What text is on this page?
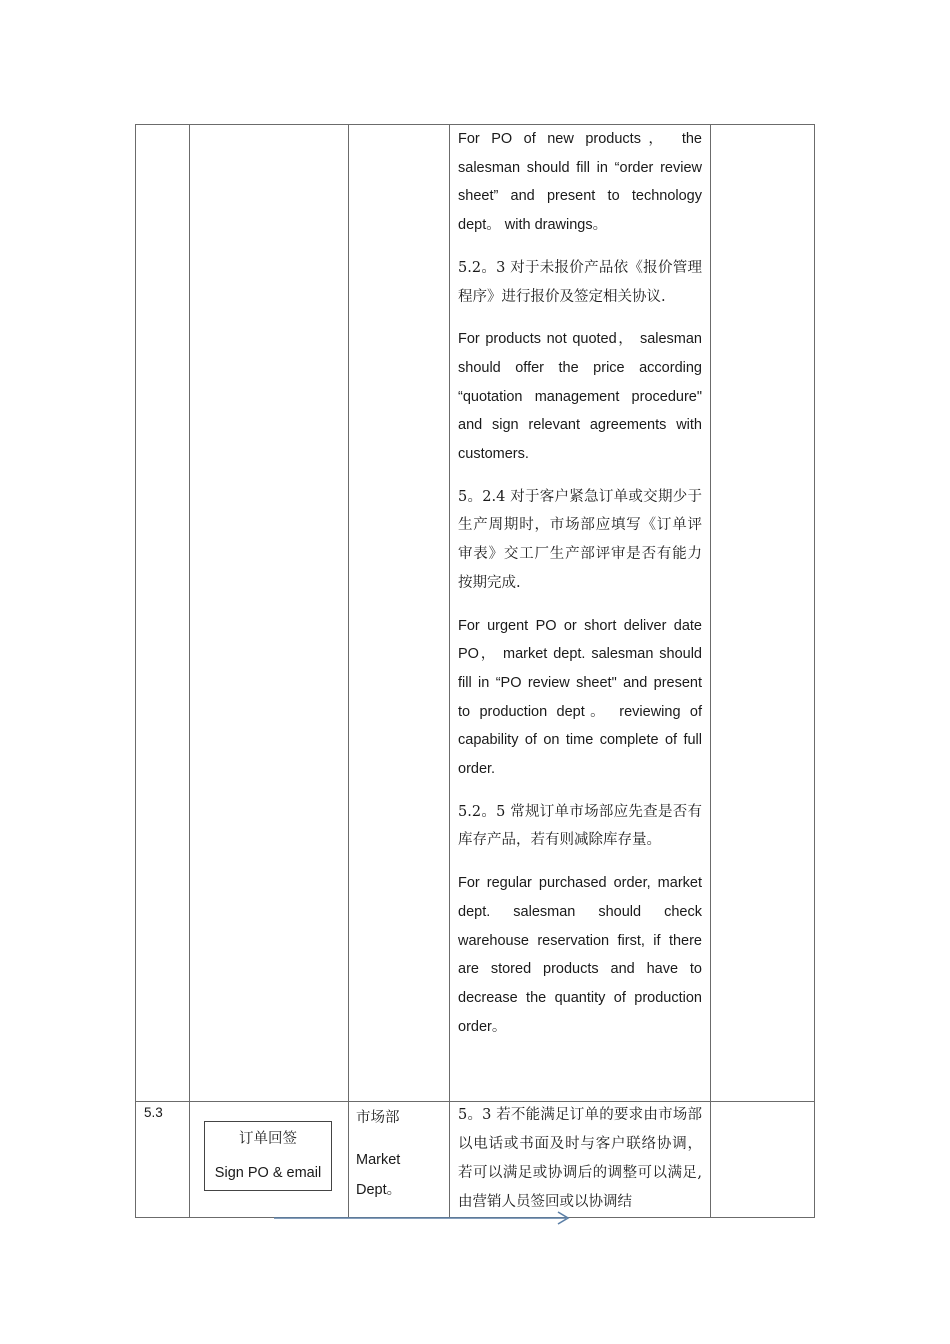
For PO of new products， the salesman should fill in “order review sheet” and present to technology dept。 with drawings。

5.2。3 对于未报价产品依《报价管理程序》进行报价及签定相关协议.

For products not quoted， salesman should offer the price according “quotation management procedure" and sign relevant agreements with customers.

5。2.4 对于客户紧急订单或交期少于生产周期时，市场部应填写《订单评审表》交工厂生产部评审是否有能力按期完成.

For urgent PO or short deliver date PO， market dept. salesman should fill in “PO review sheet" and present to production dept。 reviewing of capability of on time complete of full order.

5.2。5 常规订单市场部应先查是否有库存产品，若有则减除库存量。

For regular purchased order, market dept. salesman should check warehouse reservation first, if there are stored products and have to decrease the quantity of production order。

5.3
订单回签
Sign PO & email
市场部
Market
Dept。

5。3 若不能满足订单的要求由市场部以电话或书面及时与客户联络协调，若可以满足或协调后的调整可以满足,由营销人员签回或以协调结
